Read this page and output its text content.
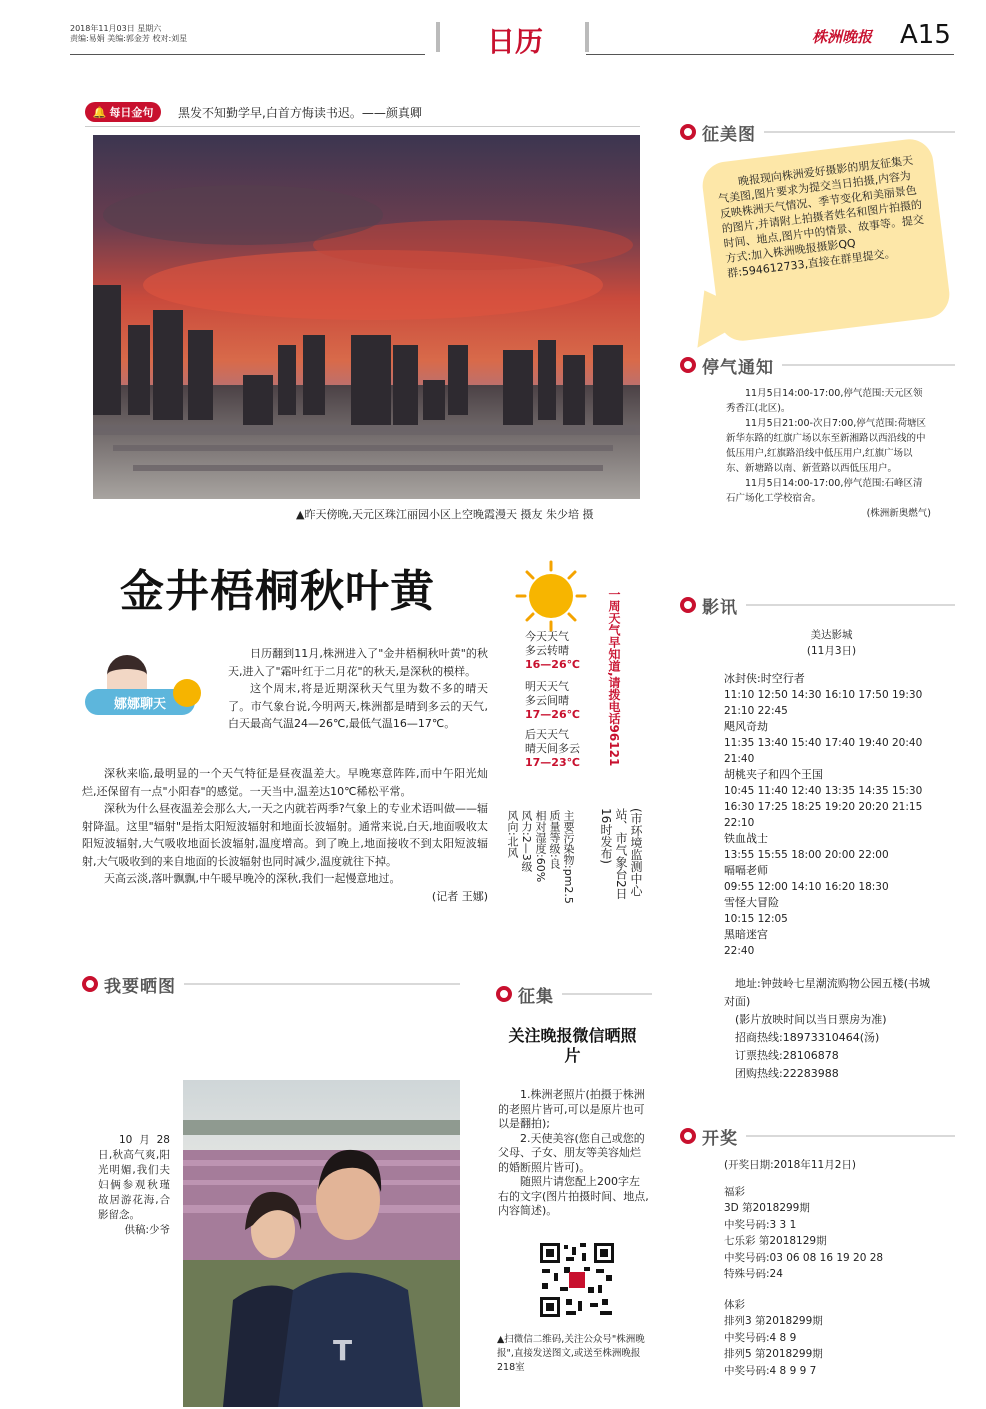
2018年11月03日 星期六
责编:易娟 美编:郭金芳 校对:刘星	日历	株洲晚报 A15
🔔 每日金句 黑发不知勤学早,白首方悔读书迟。——颜真卿
▲昨天傍晚,天元区珠江丽园小区上空晚霞漫天 摄友 朱少培 摄
金井梧桐秋叶黄
娜娜聊天

日历翻到11月,株洲进入了"金井梧桐秋叶黄"的秋天,进入了"霜叶红于二月花"的秋天,是深秋的模样。

这个周末,将是近期深秋天气里为数不多的晴天了。市气象台说,今明两天,株洲都是晴到多云的天气,白天最高气温24—26℃,最低气温16—17℃。

深秋来临,最明显的一个天气特征是昼夜温差大。早晚寒意阵阵,而中午阳光灿烂,还保留有一点"小阳春"的感觉。一天当中,温差达10℃稀松平常。

深秋为什么昼夜温差会那么大,一天之内就若两季?气象上的专业术语叫做——辐射降温。这里"辐射"是指太阳短波辐射和地面长波辐射。通常来说,白天,地面吸收太阳短波辐射,大气吸收地面长波辐射,温度增高。到了晚上,地面接收不到太阳短波辐射,大气吸收到的来自地面的长波辐射也同时减少,温度就往下掉。

天高云淡,落叶飘飘,中午暖早晚冷的深秋,我们一起慢意地过。

(记者 王娜)

今天天气
多云转晴
16—26℃
明天天气
多云间晴
17—26℃
后天天气
晴天间多云
17—23℃	一周天气早知道,请拨电话96121
(市环境监测中心站、市气象台2日16时发布)
主要污染物:pm2.5
质量等级:良
相对湿度:60%
风力:2—3级
风向:北风
征美图
晚报现向株洲爱好摄影的朋友征集天气美图,图片要求为提交当日拍摄,内容为反映株洲天气情况、季节变化和美丽景色的图片,并请附上拍摄者姓名和图片拍摄的时间、地点,图片中的情景、故事等。提交方式:加入株洲晚报摄影QQ群:594612733,直接在群里提交。
停气通知

11月5日14:00-17:00,停气范围:天元区领秀香江(北区)。

11月5日21:00-次日7:00,停气范围:荷塘区新华东路的红旗广场以东至新湘路以西沿线的中低压用户,红旗路沿线中低压用户,红旗广场以东、新塘路以南、新萱路以西低压用户。

11月5日14:00-17:00,停气范围:石峰区清石广场化工学校宿舍。

(株洲新奥燃气)

影讯
美达影城
(11月3日)
冰封侠:时空行者
11:10 12:50 14:30 16:10 17:50 19:30
21:10 22:45
飓风奇劫
11:35 13:40 15:40 17:40 19:40 20:40
21:40
胡桃夹子和四个王国
10:45 11:40 12:40 13:35 14:35 15:30
16:30 17:25 18:25 19:20 20:20 21:15
22:10
铁血战士
13:55 15:55 18:00 20:00 22:00
嗝嗝老师
09:55 12:00 14:10 16:20 18:30
雪怪大冒险
10:15 12:05
黑暗迷宫
22:40
地址:钟鼓岭七星潮流购物公园五楼(书城对面)
(影片放映时间以当日票房为准)
招商热线:18973310464(汤)
订票热线:28106878
团购热线:22283988
开奖
(开奖日期:2018年11月2日)
福彩
3D 第2018299期
中奖号码:3 3 1
七乐彩 第2018129期
中奖号码:03 06 08 16 19 20 28
特殊号码:24
体彩
排列3 第2018299期
中奖号码:4 8 9
排列5 第2018299期
中奖号码:4 8 9 9 7
我要晒图
10月28日,秋高气爽,阳光明媚,我们夫妇俩参观秋瑾故居游花海,合影留念。
供稿:少爷
T
征集
关注晚报微信晒照片

1.株洲老照片(拍摄于株洲的老照片皆可,可以是原片也可以是翻拍);

2.天使美容(您自己或您的父母、子女、朋友等美容灿烂的婚断照片皆可)。

随照片请您配上200字左右的文字(图片拍摄时间、地点,内容简述)。

▲扫微信二维码,关注公众号"株洲晚报",直接发送图文,或送至株洲晚报218室
